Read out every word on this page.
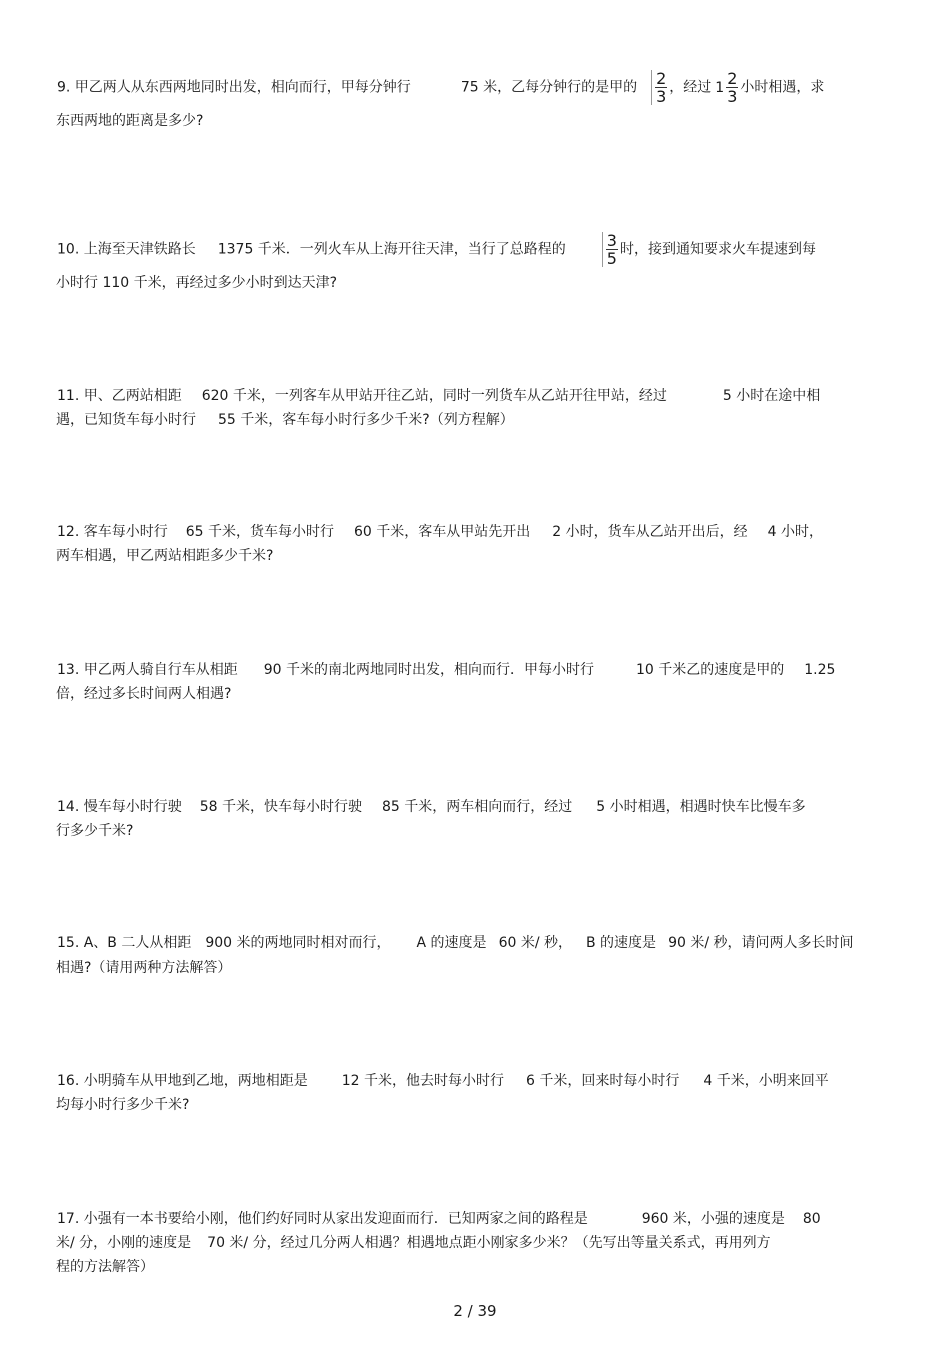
9. 甲乙两人从东西两地同时出发，相向而行，甲每分钟行	75 米，乙每分钟行的是甲的 $\frac{2}{3}$ ，经过 $1 \frac{2}{3}$ 小时相遇，求
东西两地的距离是多少?
10. 上海至天津铁路长 1375 千米．一列火车从上海开往天津，当行了总路程的 $\frac{3}{5}$ 时，接到通知要求火车提速到每
小时行 110 千米，再经过多少小时到达天津?
11. 甲、乙两站相距 620 千米，一列客车从甲站开往乙站，同时一列货车从乙站开往甲站，经过	5 小时在途中相
遇，已知货车每小时行 55 千米，客车每小时行多少千米?（列方程解）
12. 客车每小时行 65 千米，货车每小时行 60 千米，客车从甲站先开出 2 小时，货车从乙站开出后，经 4 小时，
两车相遇，甲乙两站相距多少千米?
13. 甲乙两人骑自行车从相距 90 千米的南北两地同时出发，相向而行．甲每小时行	10 千米乙的速度是甲的 1.25
倍，经过多长时间两人相遇?
14. 慢车每小时行驶 58 千米，快车每小时行驶 85 千米，两车相向而行，经过 5 小时相遇，相遇时快车比慢车多
行多少千米?
15. A、B 二人从相距 900 米的两地同时相对而行， A 的速度是 60 米/ 秒， B 的速度是 90 米/ 秒，请问两人多长时间
相遇?（请用两种方法解答）
16. 小明骑车从甲地到乙地，两地相距是 12 千米，他去时每小时行 6 千米，回来时每小时行 4 千米，小明来回平
均每小时行多少千米?
17. 小强有一本书要给小刚，他们约好同时从家出发迎面而行．已知两家之间的路程是	960 米，小强的速度是 80
米/ 分，小刚的速度是 70 米/ 分，经过几分两人相遇？相遇地点距小刚家多少米？（先写出等量关系式，再用列方
程的方法解答）
2 / 39
